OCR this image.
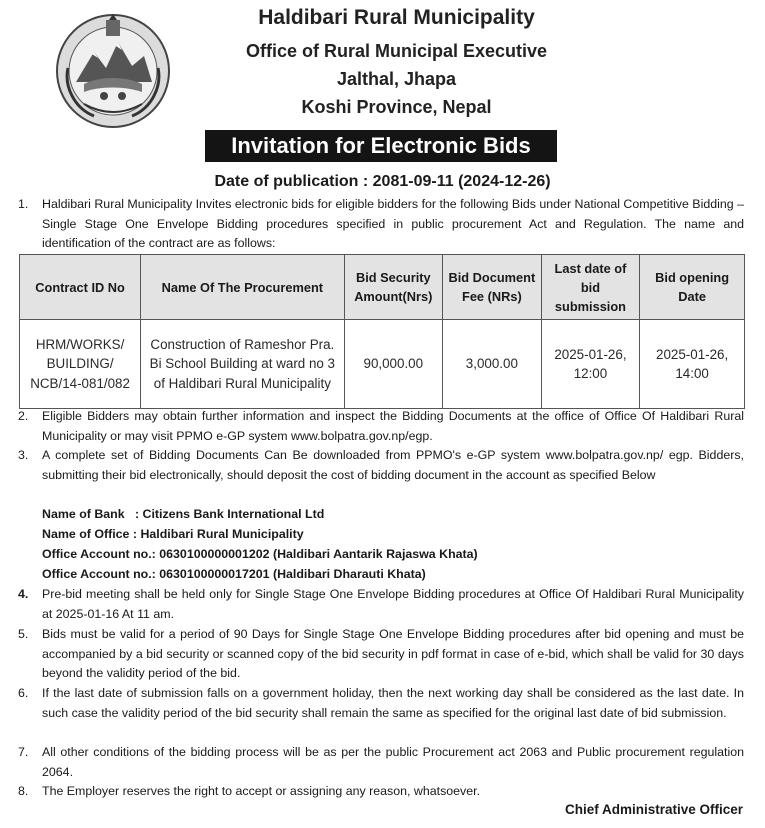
Haldibari Rural Municipality
Office of Rural Municipal Executive
Jalthal, Jhapa
Koshi Province, Nepal
Invitation for Electronic Bids
Date of publication : 2081-09-11 (2024-12-26)
1. Haldibari Rural Municipality Invites electronic bids for eligible bidders for the following Bids under National Competitive Bidding – Single Stage One Envelope Bidding procedures specified in public procurement Act and Regulation. The name and identification of the contract are as follows:
Contract ID No	Name Of The Procurement	Bid Security Amount(Nrs)	Bid Document Fee (NRs)	Last date of bid submission	Bid opening Date
HRM/WORKS/ BUILDING/ NCB/14-081/082	Construction of Rameshor Pra. Bi School Building at ward no 3 of Haldibari Rural Municipality	90,000.00	3,000.00	2025-01-26, 12:00	2025-01-26, 14:00
2. Eligible Bidders may obtain further information and inspect the Bidding Documents at the office of Office Of Haldibari Rural Municipality or may visit PPMO e-GP system www.bolpatra.gov.np/egp.
3. A complete set of Bidding Documents Can Be downloaded from PPMO's e-GP system www.bolpatra.gov.np/ egp. Bidders, submitting their bid electronically, should deposit the cost of bidding document in the account as specified Below
Name of Bank   : Citizens Bank International Ltd
Name of Office : Haldibari Rural Municipality
Office Account no.: 0630100000001202 (Haldibari Aantarik Rajaswa Khata)
Office Account no.: 0630100000017201 (Haldibari Dharauti Khata)
4. Pre-bid meeting shall be held only for Single Stage One Envelope Bidding procedures at Office Of Haldibari Rural Municipality at 2025-01-16 At 11 am.
5. Bids must be valid for a period of 90 Days for Single Stage One Envelope Bidding procedures after bid opening and must be accompanied by a bid security or scanned copy of the bid security in pdf format in case of e-bid, which shall be valid for 30 days beyond the validity period of the bid.
6. If the last date of submission falls on a government holiday, then the next working day shall be considered as the last date. In such case the validity period of the bid security shall remain the same as specified for the original last date of bid submission.
7. All other conditions of the bidding process will be as per the public Procurement act 2063 and Public procurement regulation 2064.
8. The Employer reserves the right to accept or assigning any reason, whatsoever.
Chief Administrative Officer
